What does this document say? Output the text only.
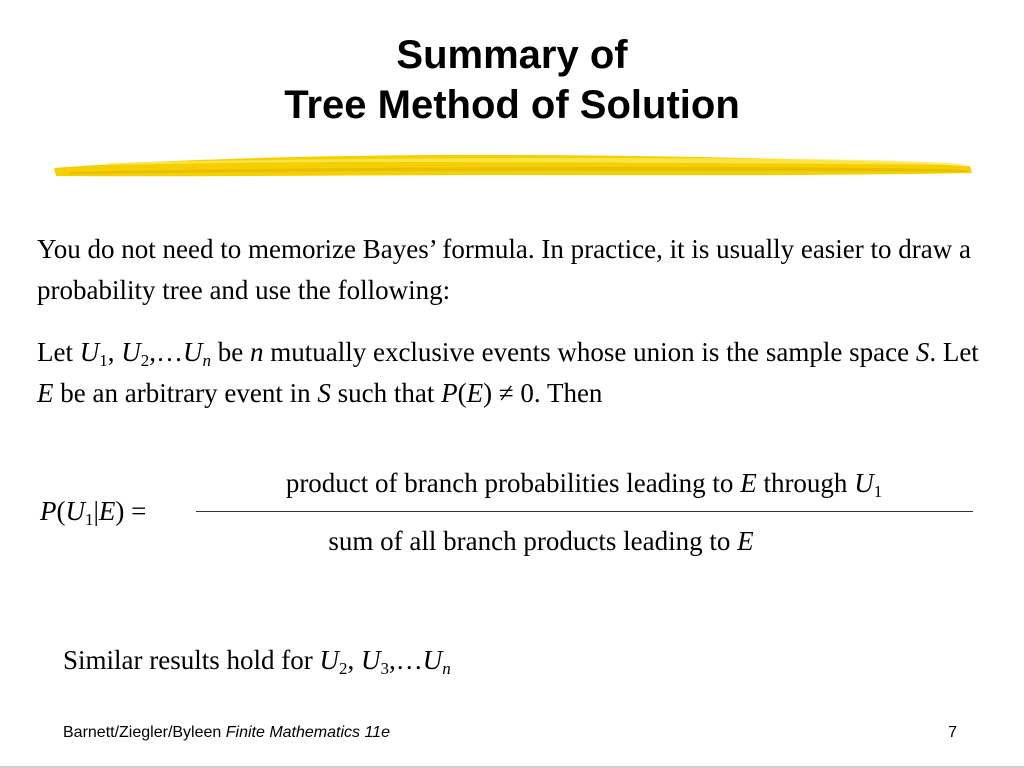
Summary of
Tree Method of Solution
You do not need to memorize Bayes’ formula. In practice, it is usually easier to draw a probability tree and use the following:
Let $U_1$, $U_2,\dots U_n$ be n mutually exclusive events whose union is the sample space S. Let E be an arbitrary event in S such that P(E) ≠ 0. Then
$P(U_1|E)$ =
product of branch probabilities leading to E through $U_1$
sum of all branch products leading to E
Similar results hold for $U_2$, $U_3,\dots U_n$
Barnett/Ziegler/Byleen Finite Mathematics 11e	7
